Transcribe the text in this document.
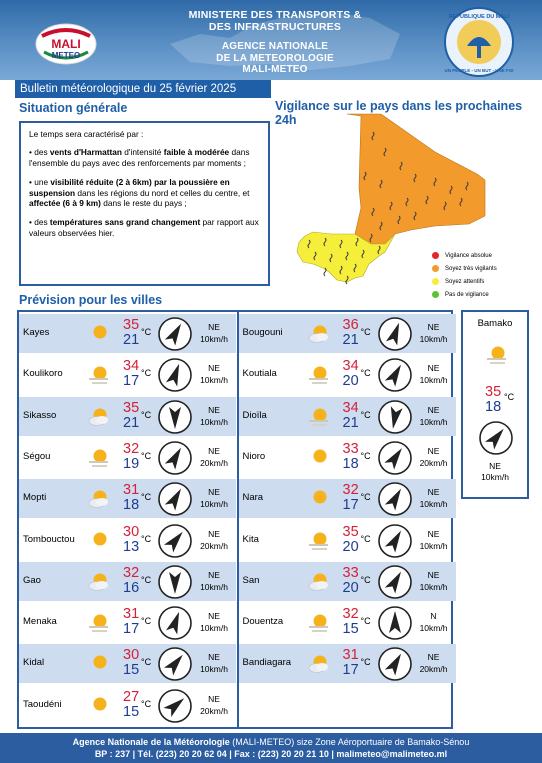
MALI
METEO
REPUBLIQUE DU MALI
UN PEUPLE - UN BUT - UNE FOI
MINISTERE DES TRANSPORTS &
DES INFRASTRUCTURES
AGENCE NATIONALE
DE LA METEOROLOGIE
MALI-METEO
Bulletin météorologique du 25 février 2025
Situation générale	Vigilance sur le pays dans les prochaines 24h

Le temps sera caractérisé par :

• des vents d'Harmattan d'intensité faible à modérée dans l'ensemble du pays avec des renforcements par moments ;

• une visibilité réduite (2 à 6km) par la poussière en suspension dans les régions du nord et celles du centre, et affectée (6 à 9 km) dans le reste du pays ;

• des températures sans grand changement par rapport aux valeurs observées hier.

Vigilance absolue
Soyez très vigilants
Soyez attentifs
Pas de vigilance
Prévision pour les villes
Kayes	35
21 °C	NE
10km/h
Koulikoro	34
17 °C	NE
10km/h
Sikasso	35
21 °C	NE
10km/h
Ségou	32
19 °C	NE
20km/h
Mopti	31
18 °C	NE
10km/h
Tombouctou	30
13 °C	NE
20km/h
Gao	32
16 °C	NE
10km/h
Menaka	31
17 °C	NE
10km/h
Kidal	30
15 °C	NE
10km/h
Taoudéni	27
15 °C	NE
20km/h
Bougouni	36
21 °C	NE
10km/h
Koutiala	34
20 °C	NE
10km/h
Dioïla	34
21 °C	NE
10km/h
Nioro	33
18 °C	NE
20km/h
Nara	32
17 °C	NE
10km/h
Kita	35
20 °C	NE
10km/h
San	33
20 °C	NE
10km/h
Douentza	32
15 °C	N
10km/h
Bandiagara	31
17 °C	NE
20km/h
Bamako
35
18
°C
NE
10km/h
Agence Nationale de la Météorologie (MALI-METEO) size Zone Aéroportuaire de Bamako-Sénou
BP : 237 | Tél. (223) 20 20 62 04 | Fax : (223) 20 20 21 10 | malimeteo@malimeteo.ml
